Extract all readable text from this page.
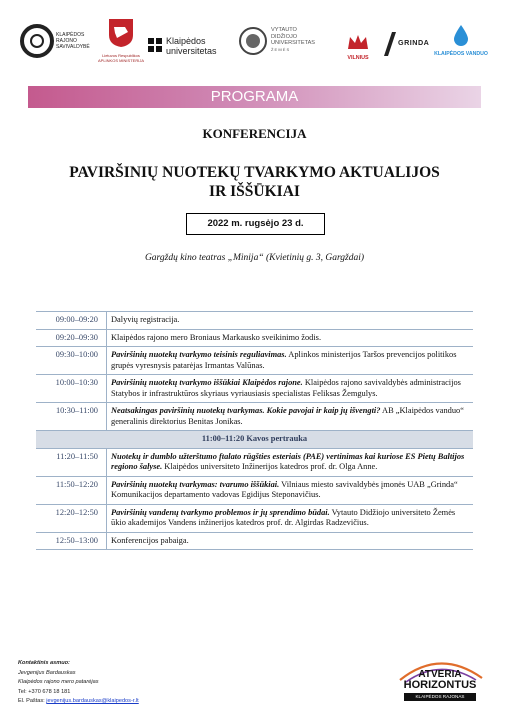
KLAIPĖDOS
RAJONO
SAVIVALDYBĖ
Lietuvos Respublikos
APLINKOS MINISTERIJA
Klaipėdos
universitetas
VYTAUTO
DIDŽIOJO
UNIVERSITETAS
Ž E M Ė S
VILNIUS
GRINDA
KLAIPĖDOS VANDUO
PROGRAMA
KONFERENCIJA
PAVIRŠINIŲ NUOTEKŲ TVARKYMO AKTUALIJOS IR IŠŠŪKIAI
2022 m. rugsėjo 23 d.
Gargždų kino teatras „Minija“ (Kvietinių g. 3, Gargždai)
09:00–09:20	Dalyvių registracija.
09:20–09:30	Klaipėdos rajono mero Broniaus Markausko sveikinimo žodis.
09:30–10:00	Paviršinių nuotekų tvarkymo teisinis reguliavimas. Aplinkos ministerijos Taršos prevencijos politikos grupės vyresnysis patarėjas Irmantas Valūnas.
10:00–10:30	Paviršinių nuotekų tvarkymo iššūkiai Klaipėdos rajone. Klaipėdos rajono savivaldybės administracijos Statybos ir infrastruktūros skyriaus vyriausiasis specialistas Feliksas Žemgulys.
10:30–11:00	Neatsakingas paviršinių nuotekų tvarkymas. Kokie pavojai ir kaip jų išvengti? AB „Klaipėdos vanduo“ generalinis direktorius Benitas Jonikas.
11:00–11:20 Kavos pertrauka	
11:20–11:50	Nuotekų ir dumblo užterštumo ftalato rūgšties esteriais (PAE) vertinimas kai kuriose ES Pietų Baltijos regiono šalyse. Klaipėdos universiteto Inžinerijos katedros prof. dr. Olga Anne.
11:50–12:20	Paviršinių nuotekų tvarkymas: tvarumo iššūkiai. Vilniaus miesto savivaldybės įmonės UAB „Grinda“ Komunikacijos departamento vadovas Egidijus Steponavičius.
12:20–12:50	Paviršinių vandenų tvarkymo problemos ir jų sprendimo būdai. Vytauto Didžiojo universiteto Žemės ūkio akademijos Vandens inžinerijos katedros prof. dr. Algirdas Radzevičius.
12:50–13:00	Konferencijos pabaiga.
Kontaktinis asmuo:
Jevgenijus Bardauskas
Klaipėdos rajono mero patarėjas
Tel: +370 678 18 181
El. Paštas: jevgenijus.bardauskas@klaipedos-r.lt
ATVERIA
HORIZONTUS
KLAIPĖDOS RAJONAS
